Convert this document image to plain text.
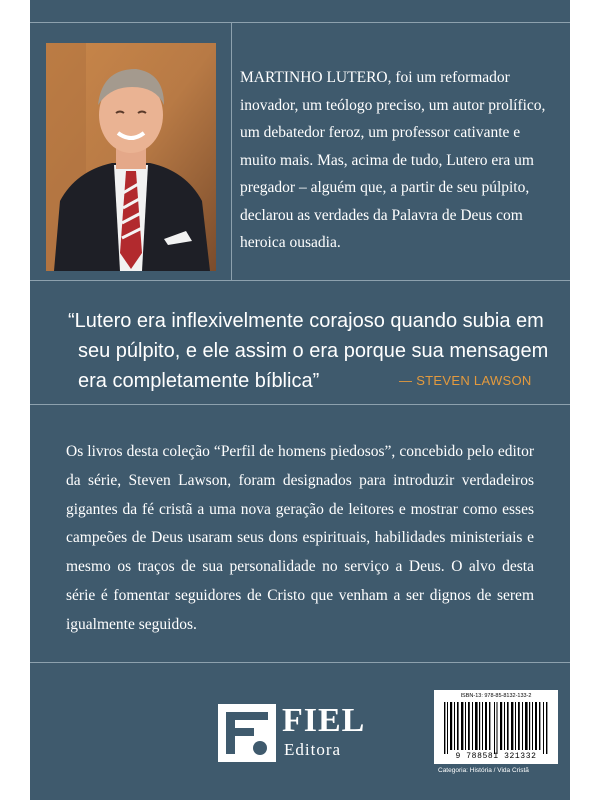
MARTINHO LUTERO, foi um reformador
inovador, um teólogo preciso, um autor prolífico,
um debatedor feroz, um professor cativante e
muito mais. Mas, acima de tudo, Lutero era um
pregador – alguém que, a partir de seu púlpito,
declarou as verdades da Palavra de Deus com
heroica ousadia.
“Lutero era inflexivelmente corajoso quando subia em
seu púlpito, e ele assim o era porque sua mensagem
era completamente bíblica”	— STEVEN LAWSON
Os livros desta coleção “Perfil de homens piedosos”, concebido pelo editor da série, Steven Lawson, foram designados para introduzir verdadeiros gigantes da fé cristã a uma nova geração de leitores e mostrar como esses campeões de Deus usaram seus dons espirituais, habilidades ministeriais e mesmo os traços de sua personalidade no serviço a Deus. O alvo desta série é fomentar seguidores de Cristo que venham a ser dignos de serem igualmente seguidos.
FIEL
Editora
ISBN-13: 978-85-8132-133-2
9 788581 321332
Categoria: História / Vida Cristã
